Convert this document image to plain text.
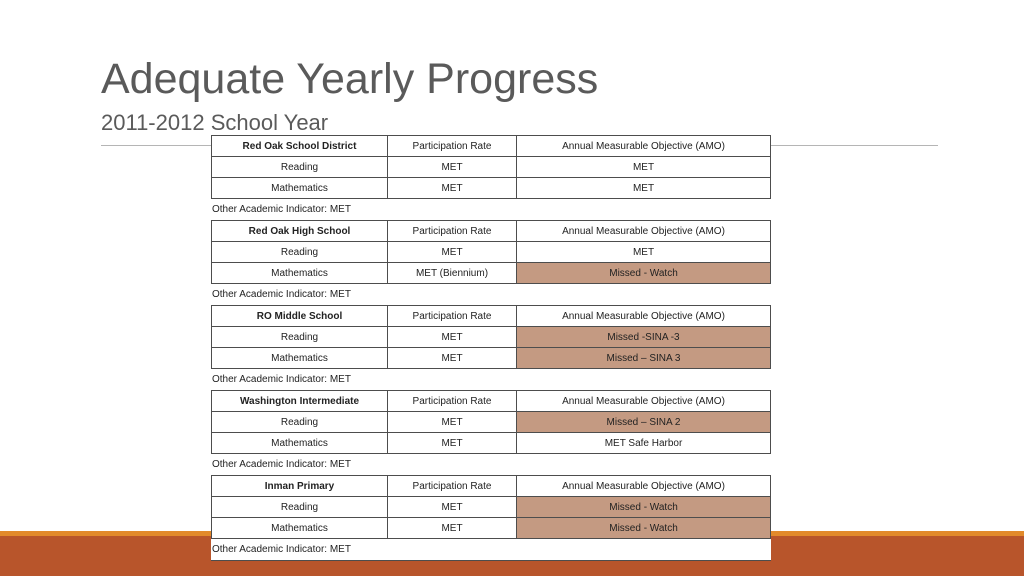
Adequate Yearly Progress
2011-2012 School Year
Red Oak School District	Participation Rate	Annual Measurable Objective (AMO)
Reading	MET	MET
Mathematics	MET	MET
Other Academic Indicator: MET
Red Oak High School	Participation Rate	Annual Measurable Objective (AMO)
Reading	MET	MET
Mathematics	MET (Biennium)	Missed - Watch
Other Academic Indicator: MET
RO Middle School	Participation Rate	Annual Measurable Objective (AMO)
Reading	MET	Missed -SINA -3
Mathematics	MET	Missed – SINA 3
Other Academic Indicator: MET
Washington Intermediate	Participation Rate	Annual Measurable Objective (AMO)
Reading	MET	Missed – SINA 2
Mathematics	MET	MET Safe Harbor
Other Academic Indicator: MET
Inman Primary	Participation Rate	Annual Measurable Objective (AMO)
Reading	MET	Missed - Watch
Mathematics	MET	Missed - Watch
Other Academic Indicator: MET
